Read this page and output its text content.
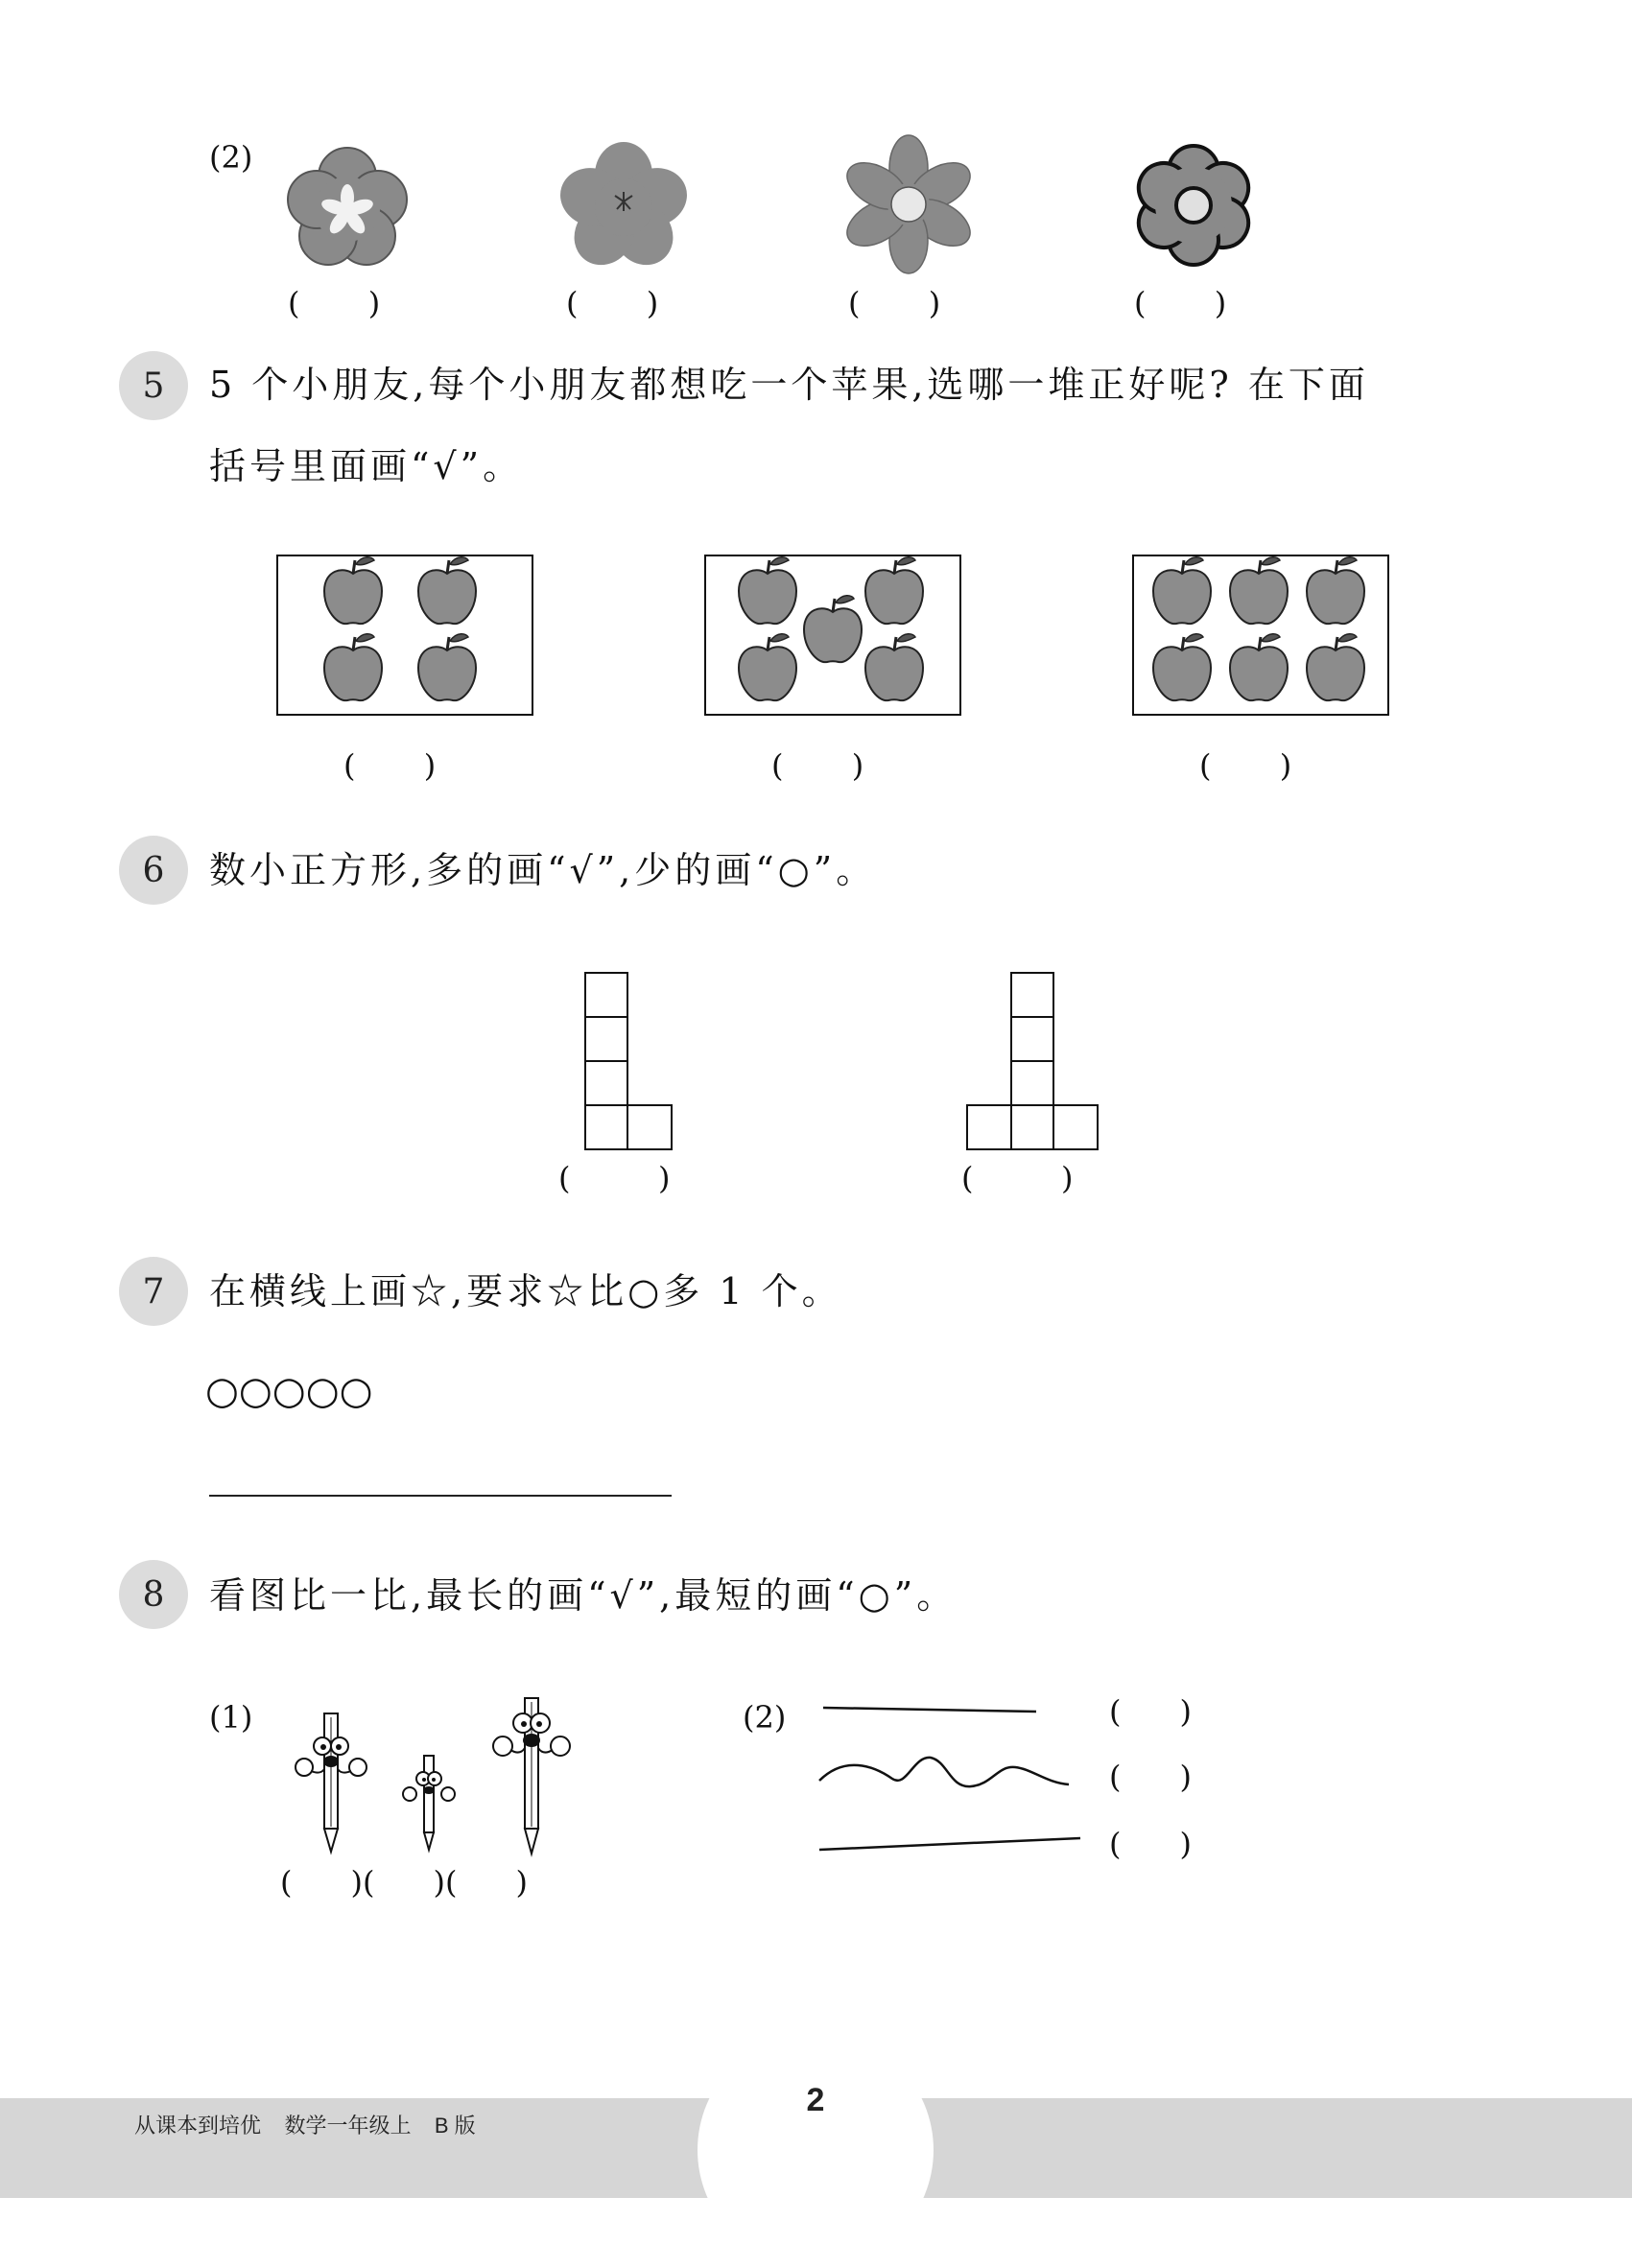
(2)
(       )	(       )	(       )	(       )
5	5 个小朋友,每个小朋友都想吃一个苹果,选哪一堆正好呢? 在下面
括号里面画“√”。
(       )	(       )	(       )
6	数小正方形,多的画“√”,少的画“○”。
(         )	(         )
7	在横线上画☆,要求☆比○多 1 个。
○○○○○
8	看图比一比,最长的画“√”,最短的画“○”。
(1)
(      )(      )(      )
(2)	(      )
(      )
(      )
从课本到培优    数学一年级上    B 版
2
